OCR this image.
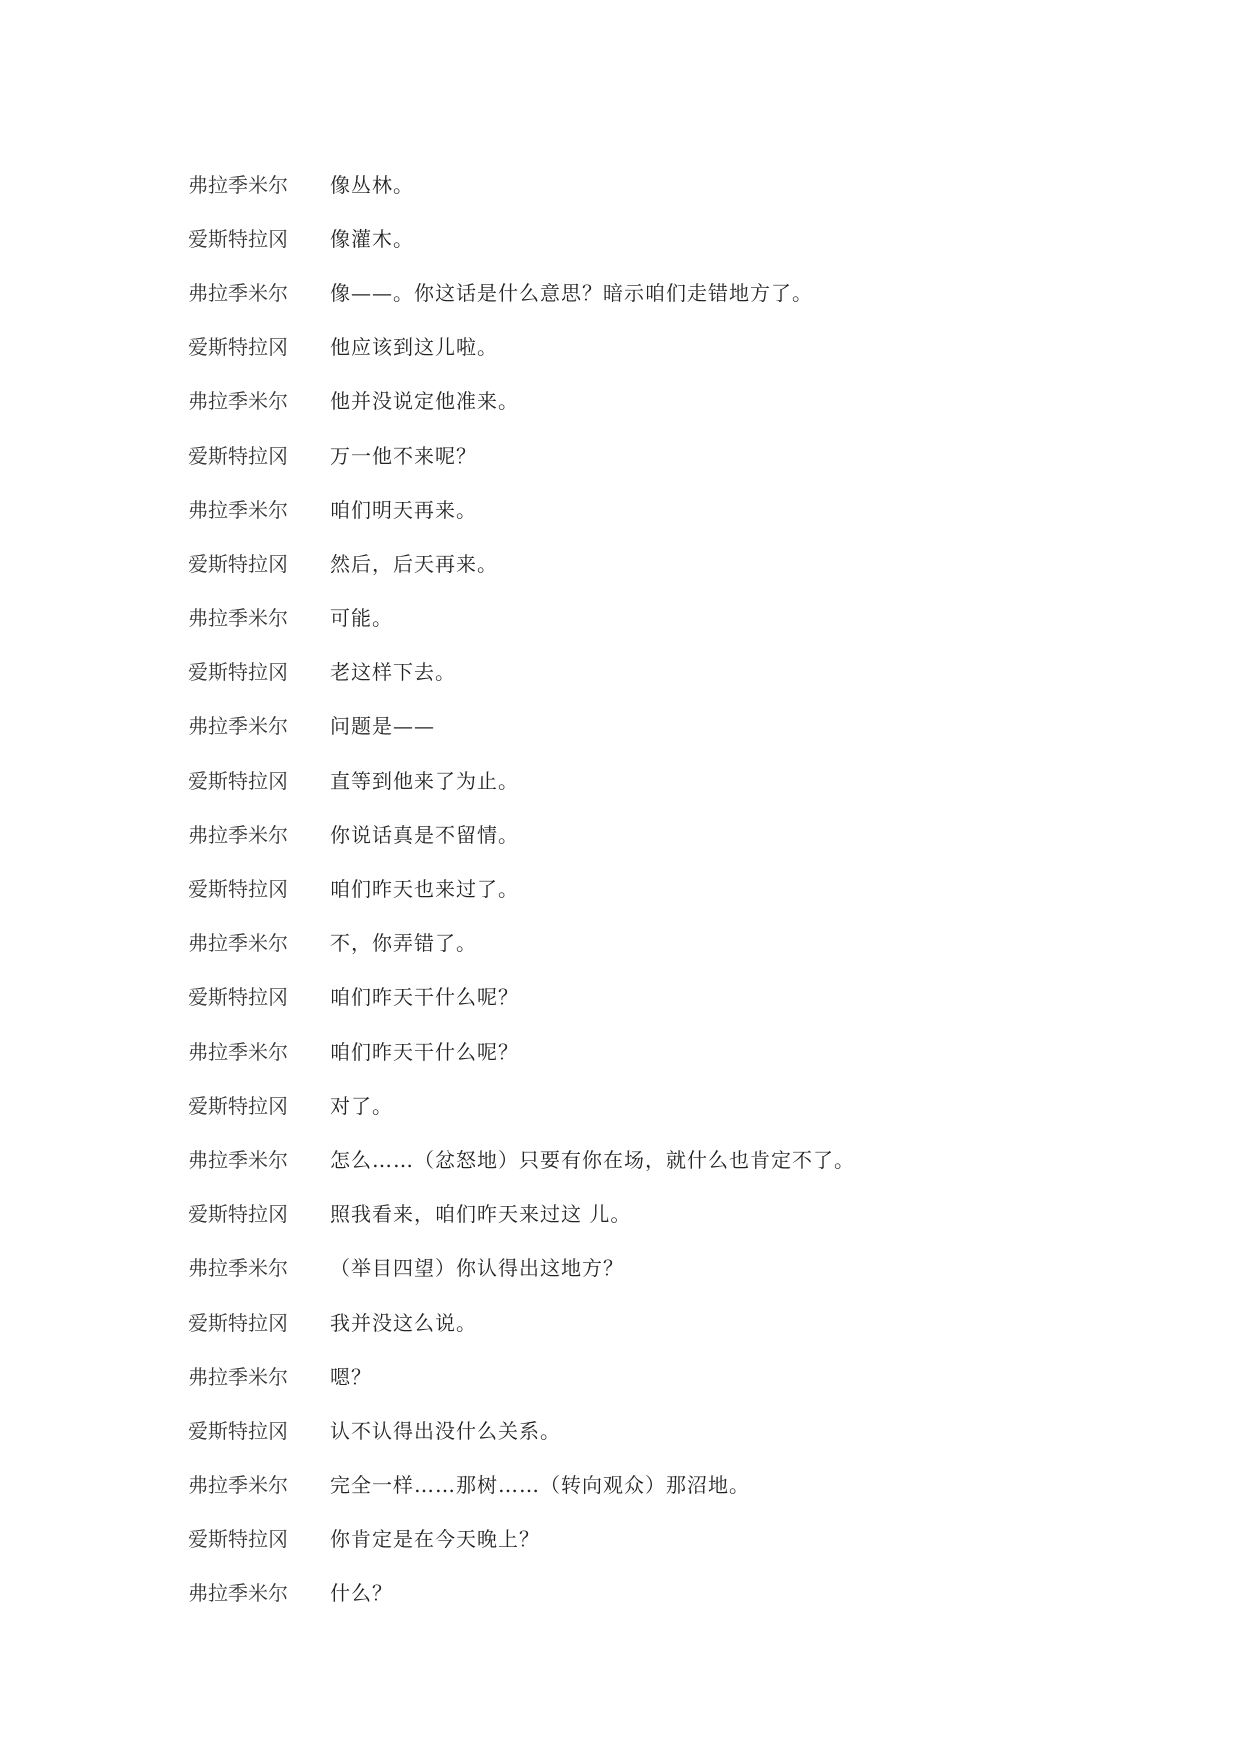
弗拉季米尔	像丛林。
爱斯特拉冈	像灌木。
弗拉季米尔	像——。你这话是什么意思？暗示咱们走错地方了。
爱斯特拉冈	他应该到这儿啦。
弗拉季米尔	他并没说定他准来。
爱斯特拉冈	万一他不来呢？
弗拉季米尔	咱们明天再来。
爱斯特拉冈	然后，后天再来。
弗拉季米尔	可能。
爱斯特拉冈	老这样下去。
弗拉季米尔	问题是——
爱斯特拉冈	直等到他来了为止。
弗拉季米尔	你说话真是不留情。
爱斯特拉冈	咱们昨天也来过了。
弗拉季米尔	不，你弄错了。
爱斯特拉冈	咱们昨天干什么呢？
弗拉季米尔	咱们昨天干什么呢？
爱斯特拉冈	对了。
弗拉季米尔	怎么……（忿怒地）只要有你在场，就什么也肯定不了。
爱斯特拉冈	照我看来，咱们昨天来过这 儿。
弗拉季米尔	（举目四望）你认得出这地方？
爱斯特拉冈	我并没这么说。
弗拉季米尔	嗯？
爱斯特拉冈	认不认得出没什么关系。
弗拉季米尔	完全一样……那树……（转向观众）那沼地。
爱斯特拉冈	你肯定是在今天晚上？
弗拉季米尔	什么？
